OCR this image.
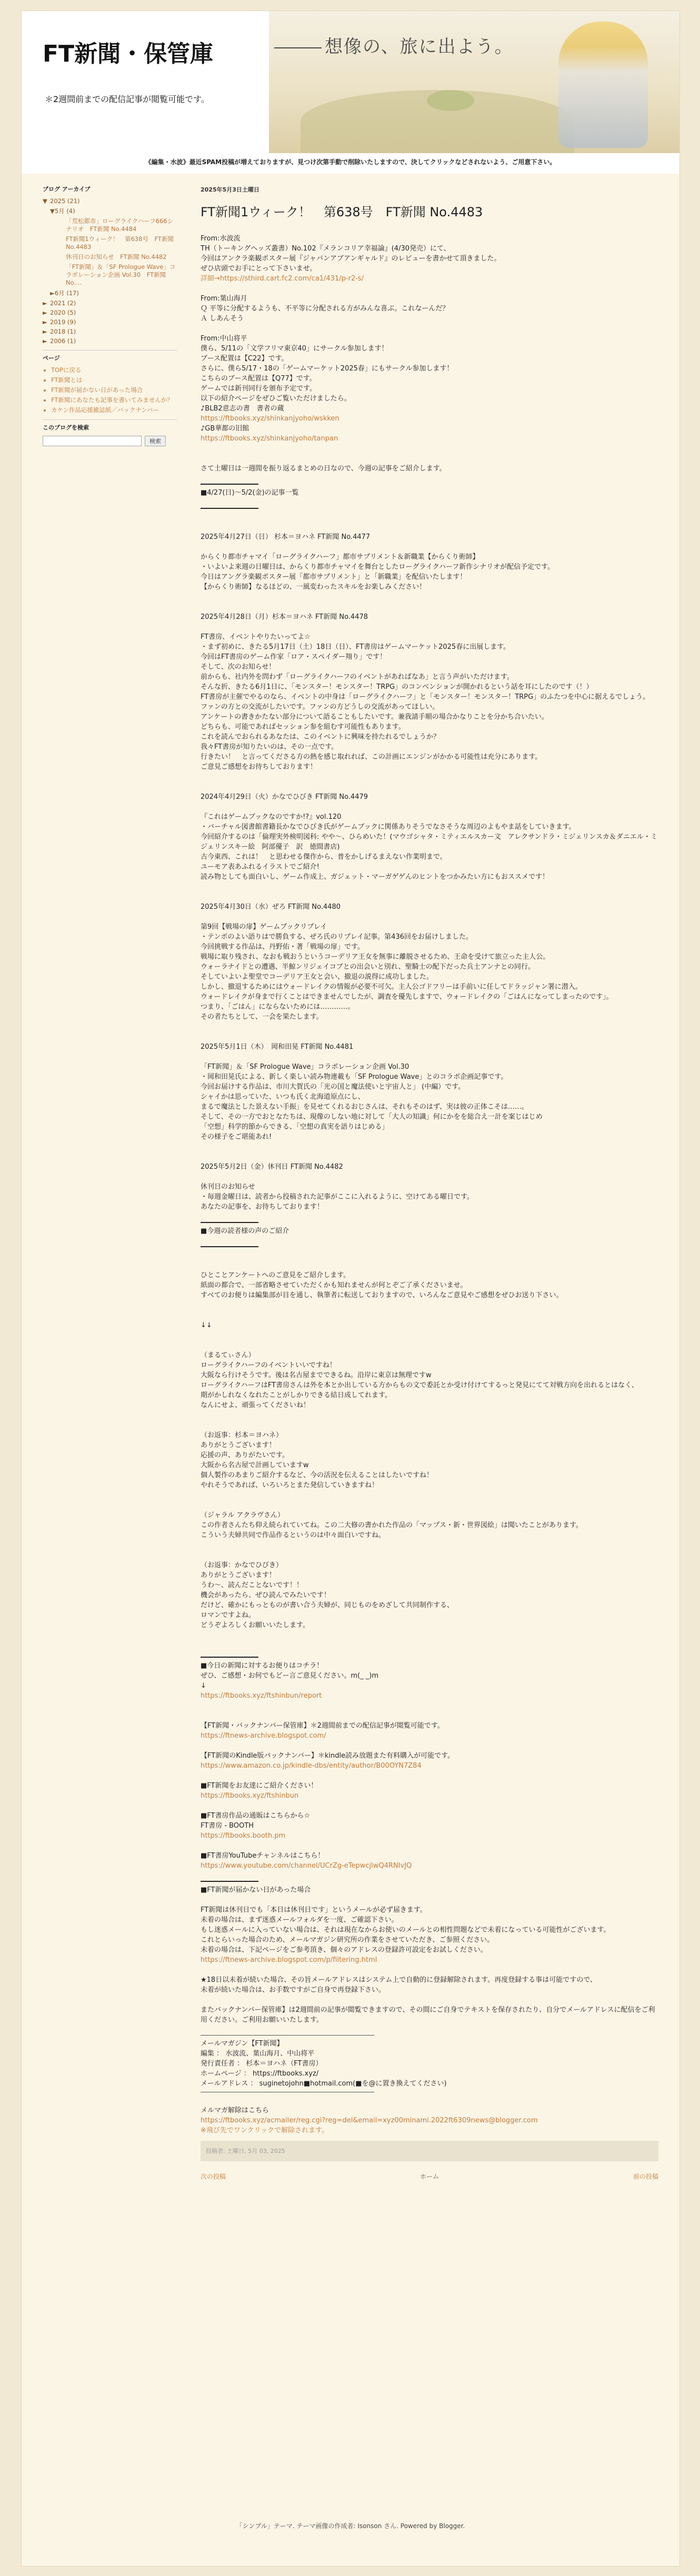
想像の、旅に出よう。
FT新聞・保管庫
＊2週間前までの配信記事が閲覧可能です。
《編集・水波》最近SPAM投稿が増えておりますが、見つけ次第手動で削除いたしますので、決してクリックなどされないよう、ご用意下さい。
ブログ アーカイブ
▼ 2025 (21)
▼5月 (4)
「荒松都市」ローグライクハーフ666シナリオ　FT新聞 No.4484
FT新聞1ウィーク！　第638号　FT新聞 No.4483
休刊日のお知らせ　FT新聞 No.4482
「FT新聞」＆「SF Prologue Wave」コラボレーション企画 Vol.30　FT新聞 No....
►6月 (17)
► 2021 (2)
► 2020 (5)
► 2019 (9)
► 2018 (1)
► 2006 (1)
ページ
• TOPに戻る
• FT新聞とは
• FT新聞が届かない日があった場合
• FT新聞にあなたも記事を書いてみませんか？
• カケン作品応援雑誌紙／バックナンバー
このブログを検索
検索
2025年5月3日土曜日
FT新聞1ウィーク！　第638号　FT新聞 No.4483
From:水波流
TH（トーキングヘッズ叢書）No.102『メランコリア幸福論』(4/30発売）にて、
今回はアンクラ楽観ポスター展『ジャパンアブアンギャルド』のレビューを書かせて頂きました。
ぜひ店頭でお手にとって下さいませ。
詳細→https://sthird.cart.fc2.com/ca1/431/p-r2-s/
From:葉山海月
Ｑ 平等に分配するようも、不平等に分配される方がみんな喜ぶ。これなーんだ？
Ａ しあんそう
From:中山将平
僕ら、5/11の「文学フリマ東京40」にサークル参加します！
ブース配置は【C22】です。
さらに、僕ら5/17・18の「ゲームマーケット2025春」にもサークル参加します！
こちらのブース配置は【Q77】です。
ゲームでは新刊同行を頒布予定です。
以下の紹介ページをぜひご覧いただけましたら。
♪BLB2意志の書　書者の蔵

https://ftbooks.xyz/shinkanjyoho/wskken
♪GB華都の旧館
https://ftbooks.xyz/shinkanjyoho/tanpan
さて土曜日は一週間を振り返るまとめの日なので、今週の記事をご紹介します。
■4/27(日)～5/2(金)の記事一覧
2025年4月27日（日） 杉本＝ヨハネ FT新聞 No.4477
からくり都市チャマイ「ローグライクハーフ」都市サプリメント＆新職業【からくり術師】
・いよいよ来週の日曜日は、からくり都市チャマイを舞台としたローグライクハーフ新作シナリオが配信予定です。
今日はアングラ楽観ポスター展「都市サプリメント」と「新職業」を配信いたします！
【からくり術師】なるほどの、一風変わったスキルをお楽しみください！
2025年4月28日（月）杉本＝ヨハネ FT新聞 No.4478
FT書房、イベントやりたいってよ☆
・まず初めに、きたる5月17日（土）18日（日）、FT書房はゲームマーケット2025春に出展します。
今回はFT書房のゲーム作家「ロア・スペイダー翔り」です！
そして、次のお知らせ！
前からも、社内外を問わず「ローグライクハーフのイベントがあればなあ」と言う声がいただけます。
そんな折、きたる6月1日に、「モンスター！モンスター！TRPG」のコンベンションが開かれるという話を耳にしたのです（！）
FT書房が主催でやるのなら、イベントの中身は「ローグライクハーフ」と「モンスター！モンスター！TRPG」のふたつを中心に据えるでしょう。
ファンの方との交流がしたいです。ファンの方どうしの交流があってほしい。
アンケートの書きかたない部分について語ることもしたいです。兼我請手順の場合かなりことを分かち合いたい。
どちらも、可能であればセッション参を組むす可能性もあります。
これを読んでおられるあなたは、このイベントに興味を持たれるでしょうか？
我々FT書房が知りたいのは、その一点です。
行きたい！　と言ってくださる方の熱を感じ取れれば、この計画にエンジンがかかる可能性は充分にあります。
ご意見ご感想をお待ちしております！
2024年4月29日（火）かなでひびき FT新聞 No.4479
『これはゲームブックなのですか!?』vol.120
・バーチャル図書館書籍長かなでひびき氏がゲームブックに関係ありそうでなさそうな周辺のよもやま話をしていきます。
今回紹介するのは「倫理実外検明図科: やや〜、ひらめいた！(マウゴシャタ・ミティエルスカー文　アレクサンドラ・ミジェリンスカ＆ダニエル・ミジェリンスキー絵　阿部優子　訳　徳間書店)
古今東西、これは！　と思わせる傑作から、普をかしげるまえない作業明まで。
ユーモア表あふれるイラストでご紹介!
読み物としても面白いし、ゲーム作成上、ガジェット・マーガゲゲんのヒントをつかみたい方にもおススメです！
2025年4月30日（水）ぜろ FT新聞 No.4480
第9回【戦場の扉】ゲームブックリプレイ
・テンポのよい語りはで勝負する、ぜろ氏のリプレイ記事。第436回をお届けしました。
今回挑戦する作品は、丹野佑・著「戦場の扉」です。
戦場に取り残され、なおも戦おうというコーデリア王女を無事に離脱させるため、王命を受けて旅立った主人公。
ウォーラナイドとの遭遇、半鯨ンリジェイコブとの出会いと別れ、聖騎士の配下だった兵士アンナとの同行。
そしていよいよ聖堂でコーデリア王女と会い、撤退の説得に成功しました。
しかし、撤退するためにはウォードレイクの情報が必要不可欠。主人公ゴドフリーは手前いに任してドラッジャン署に潜入。
ウォードレイクが身まで行くことはできませんでしたが、調査を優先しますで、ウォードレイクの「ごはんになってしまったのです」。
つまり、「ごはん」にならないためには…………。
その者たちとして、一会を果たします。
2025年5月1日（木）　岡和田晃 FT新聞 No.4481
「FT新聞」＆「SF Prologue Wave」コラボレーション企画 Vol.30
・岡和田晃氏による、新しく楽しい読み物連載も「SF Prologue Wave」とのコラボ企画記事です。
今回お届けする作品は、市川大賀氏の「光の国と魔法使いと宇宙人と」 (中編）です。
シャイかは思っていた、いつも氏く北海道原点にし、
まるで魔法とした景えない手振」を見せてくれるおじさんは、それもそのはず、実は彼の正体こそは……。
そして、その一方でおとなたちは、現像のしない地に対して「大人の知識」何にかをを総合え一計を案じはじめ
「空想」科学的節からできる、「空想の真実を語りはじめる」
その様子をご堪能あれ!
2025年5月2日（金）休刊日 FT新聞 No.4482
休刊日のお知らせ
・毎週金曜日は、読者から投稿された記事がここに入れるように、空けてある曜日です。
あなたの記事を、お待ちしております！
■今週の読者様の声のご紹介
ひとことアンケートへのご意見をご紹介します。
紙面の都合で、一部省略させていただくかも知れませんが何とぞご了承くださいませ。
すべてのお便りは編集部が目を通し、執筆者に転送しておりますので、いろんなご意見やご感想をぜひお送り下さい。
↓↓
（まるてぃさん）
ローグライクハーフのイベントいいですね！
大阪なら行けそうです。後は名古屋までできるね。沿岸に東京は無理ですw
ローグライクハーフはFT書房さんは外を本とか出している方からもの文で委託とか受け付けてするっと発見にてて対戦方向を出れるとはなく、
期がかしれなくなれたことがしかりできる結日成してれます。
なんにせよ、頑張ってくださいね！
（お返事：杉本＝ヨハネ）
ありがとうございます！
応援の声、ありがたいです。
大阪から名古屋で計画していますw
個人製作のあまりご紹介するなど、今の活況を伝えることはしたいですね！
やれそうであれば、いろいろとまた発信していきますね！
（ジャラル アクラヴさん）
この作者さんたち仰え続られていてね。この二大修の書かれた作品の「マップス・新・世界図絵」は聞いたことがあります。
こういう夫婦共同で作品作るというのは中々面白いですね。
（お返事：かなでひびき）
ありがとうございます！
うわ～、読んだことないです！！
機会があったら、ぜひ読んでみたいです！
だけど、確かにもっとものが書い合う夫婦が、同じものをめざして共同制作する、
ロマンですよね。
どうぞよろしくお願いいたします。
■今日の新聞に対するお便りはコチラ！
ぜひ、ご感想・お何でもどー言ご意見ください。m(_ _)m
↓
https://ftbooks.xyz/ftshinbun/report
【FT新聞・バックナンバー保管庫】＊2週間前までの配信記事が閲覧可能です。
https://ftnews-archive.blogspot.com/
【FT新聞のKindle版バックナンバー】＊kindle読み放題また有料購入が可能です。
https://www.amazon.co.jp/kindle-dbs/entity/author/B00OYN7Z84
■FT新聞をお友達にご紹介ください！
https://ftbooks.xyz/ftshinbun
■FT書房作品の通販はこちらから☆
FT書房 - BOOTH
https://ftbooks.booth.pm
■FT書房YouTubeチャンネルはこちら！
https://www.youtube.com/channel/UCrZg-eTepwcjlwQ4RNIvJQ
■FT新聞が届かない日があった場合
FT新聞は休刊日でも「本日は休刊日です」というメールが必ず届きます。
未着の場合は、まず迷惑メールフォルダを一度、ご確認下さい。
もし迷惑メールに入っていない場合は、それは現在なからお使いのメールとの相性問題などで未着になっている可能性がございます。
これとらいった場合のため、メールマガジン研究所の作業をさせていただき、ご参照ください。
未着の場合は、下記ページをご参考頂き、個々のアドレスの登録許可設定をお試しください。
https://ftnews-archive.blogspot.com/p/filtering.html
★18日以未着が続いた場合、その旨メールアドレスはシステム上で自動的に登録解除されます。再度登録する事は可能ですので、
未着が続いた場合は、お手数ですがご自身で再登録下さい。
またバックナンバー保管庫】は2週間前の記事が閲覧できますので、その間にご自身でテキストを保存されたり、自分でメールアドレスに配信をご利用ください。ご利用お願いいたします。
メールマガジン【FT新聞】
編集 ： 水波流、葉山海月、中山将平
発行責任者 ： 杉本＝ヨハネ（FT書房）
ホームページ ： https://ftbooks.xyz/
メールアドレス ： suginetojohn■hotmail.com(■を@に置き換えてください)
メルマガ解除はこちら
https://ftbooks.xyz/acmailer/reg.cgi?reg=del&email=xyz00minami.2022ft6309news@blogger.com
※飛び先でワンクリックで解除されます。
投稿者: 土曜日, 5月 03, 2025
次の投稿	ホーム	前の投稿
「シンプル」テーマ. テーマ画像の作成者: Isonson さん. Powered by Blogger.
